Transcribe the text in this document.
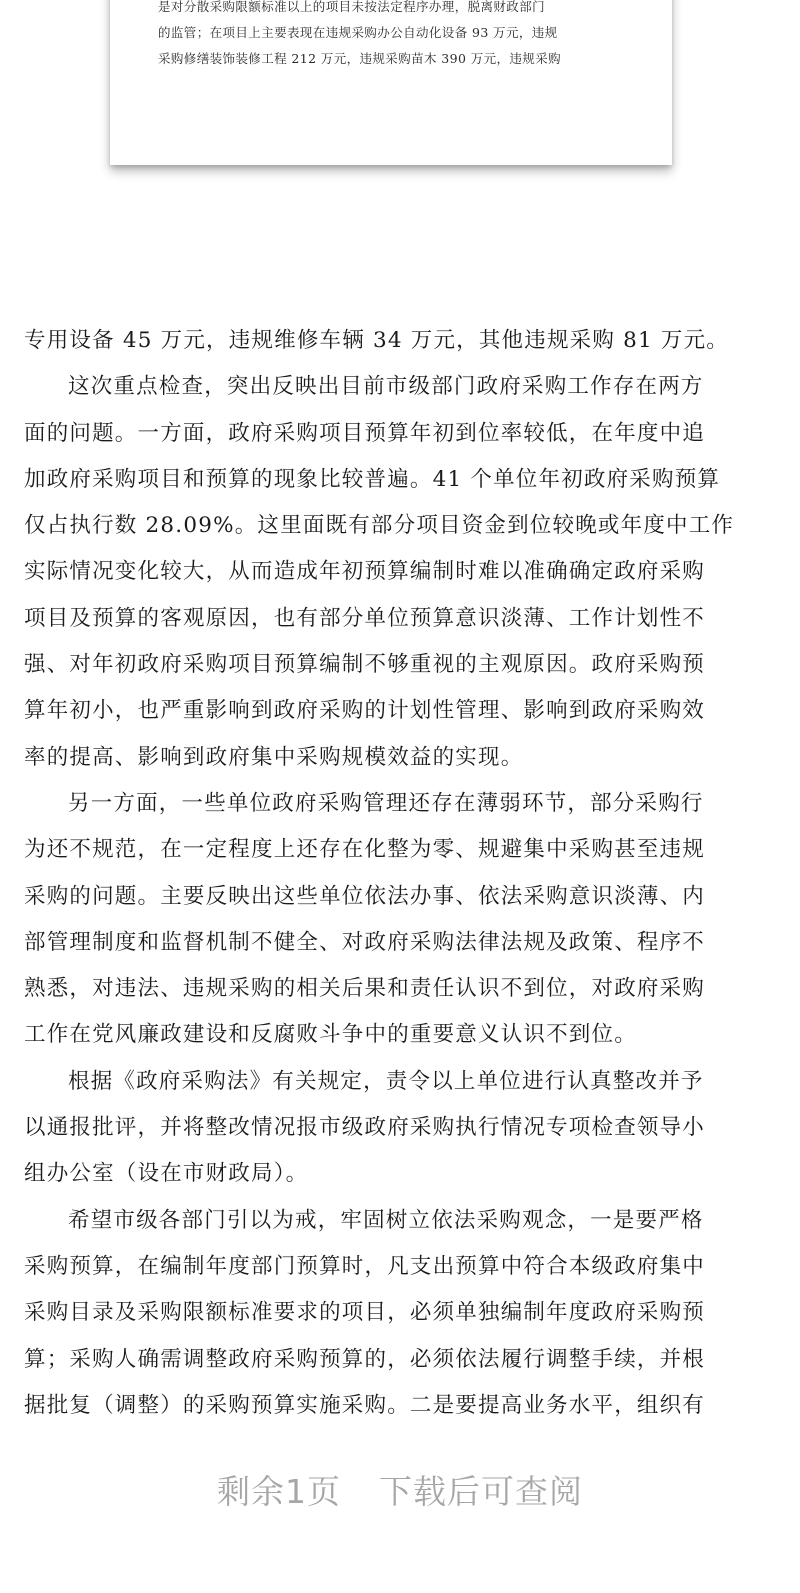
是对分散采购限额标准以上的项目未按法定程序办理，脱离财政部门

的监管；在项目上主要表现在违规采购办公自动化设备 93 万元，违规

采购修缮装饰装修工程 212 万元，违规采购苗木 390 万元，违规采购

专用设备 45 万元，违规维修车辆 34 万元，其他违规采购 81 万元。
这次重点检查，突出反映出目前市级部门政府采购工作存在两方
面的问题。一方面，政府采购项目预算年初到位率较低，在年度中追
加政府采购项目和预算的现象比较普遍。41 个单位年初政府采购预算
仅占执行数 28.09%。这里面既有部分项目资金到位较晚或年度中工作
实际情况变化较大，从而造成年初预算编制时难以准确确定政府采购
项目及预算的客观原因，也有部分单位预算意识淡薄、工作计划性不
强、对年初政府采购项目预算编制不够重视的主观原因。政府采购预
算年初小，也严重影响到政府采购的计划性管理、影响到政府采购效
率的提高、影响到政府集中采购规模效益的实现。
另一方面，一些单位政府采购管理还存在薄弱环节，部分采购行
为还不规范，在一定程度上还存在化整为零、规避集中采购甚至违规
采购的问题。主要反映出这些单位依法办事、依法采购意识淡薄、内
部管理制度和监督机制不健全、对政府采购法律法规及政策、程序不
熟悉，对违法、违规采购的相关后果和责任认识不到位，对政府采购
工作在党风廉政建设和反腐败斗争中的重要意义认识不到位。
根据《政府采购法》有关规定，责令以上单位进行认真整改并予
以通报批评，并将整改情况报市级政府采购执行情况专项检查领导小
组办公室（设在市财政局）。
希望市级各部门引以为戒，牢固树立依法采购观念，一是要严格
采购预算，在编制年度部门预算时，凡支出预算中符合本级政府集中
采购目录及采购限额标准要求的项目，必须单独编制年度政府采购预
算；采购人确需调整政府采购预算的，必须依法履行调整手续，并根
据批复（调整）的采购预算实施采购。二是要提高业务水平，组织有
剩余1页 下载后可查阅
